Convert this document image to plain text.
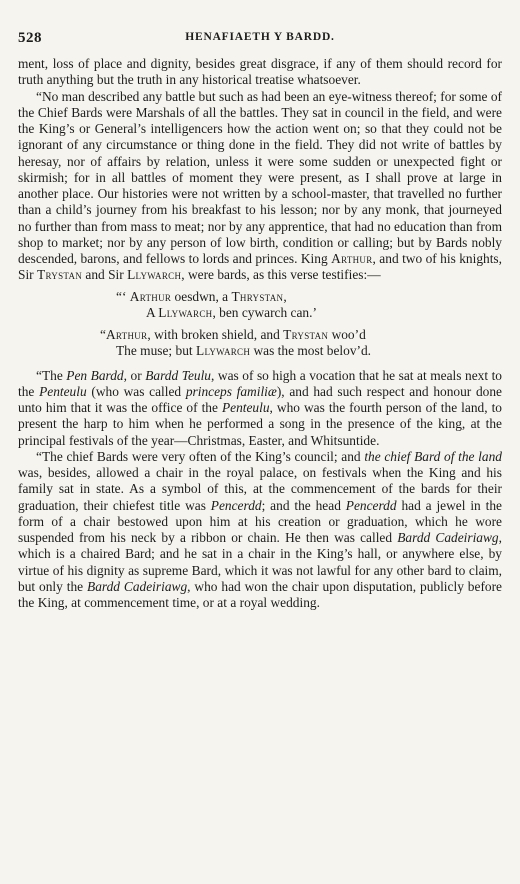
528	HENAFIAETH Y BARDD.

ment, loss of place and dignity, besides great disgrace, if any of them should record for truth anything but the truth in any historical treatise whatsoever.

“No man described any battle but such as had been an eye-witness thereof; for some of the Chief Bards were Marshals of all the battles. They sat in council in the field, and were the King’s or General’s intelligencers how the action went on; so that they could not be ignorant of any circumstance or thing done in the field. They did not write of battles by heresay, nor of affairs by relation, unless it were some sudden or unexpected fight or skirmish; for in all battles of moment they were present, as I shall prove at large in another place. Our histories were not written by a school-master, that travelled no further than a child’s journey from his breakfast to his lesson; nor by any monk, that journeyed no further than from mass to meat; nor by any apprentice, that had no education than from shop to market; nor by any person of low birth, condition or calling; but by Bards nobly descended, barons, and fellows to lords and princes. King Arthur, and two of his knights, Sir Trystan and Sir Llywarch, were bards, as this verse testifies:—

“‘ Arthur oesdwn, a Thrystan,
A Llywarch, ben cywarch can.’
“Arthur, with broken shield, and Trystan woo’d
The muse; but Llywarch was the most belov’d.

“The Pen Bardd, or Bardd Teulu, was of so high a vocation that he sat at meals next to the Penteulu (who was called princeps familiæ), and had such respect and honour done unto him that it was the office of the Penteulu, who was the fourth person of the land, to present the harp to him when he performed a song in the presence of the king, at the principal festivals of the year—Christmas, Easter, and Whitsuntide.

“The chief Bards were very often of the King’s council; and the chief Bard of the land was, besides, allowed a chair in the royal palace, on festivals when the King and his family sat in state. As a symbol of this, at the commencement of the bards for their graduation, their chiefest title was Pencerdd; and the head Pencerdd had a jewel in the form of a chair bestowed upon him at his creation or graduation, which he wore suspended from his neck by a ribbon or chain. He then was called Bardd Cadeiriawg, which is a chaired Bard; and he sat in a chair in the King’s hall, or anywhere else, by virtue of his dignity as supreme Bard, which it was not lawful for any other bard to claim, but only the Bardd Cadeiriawg, who had won the chair upon disputation, publicly before the King, at commencement time, or at a royal wedding.
